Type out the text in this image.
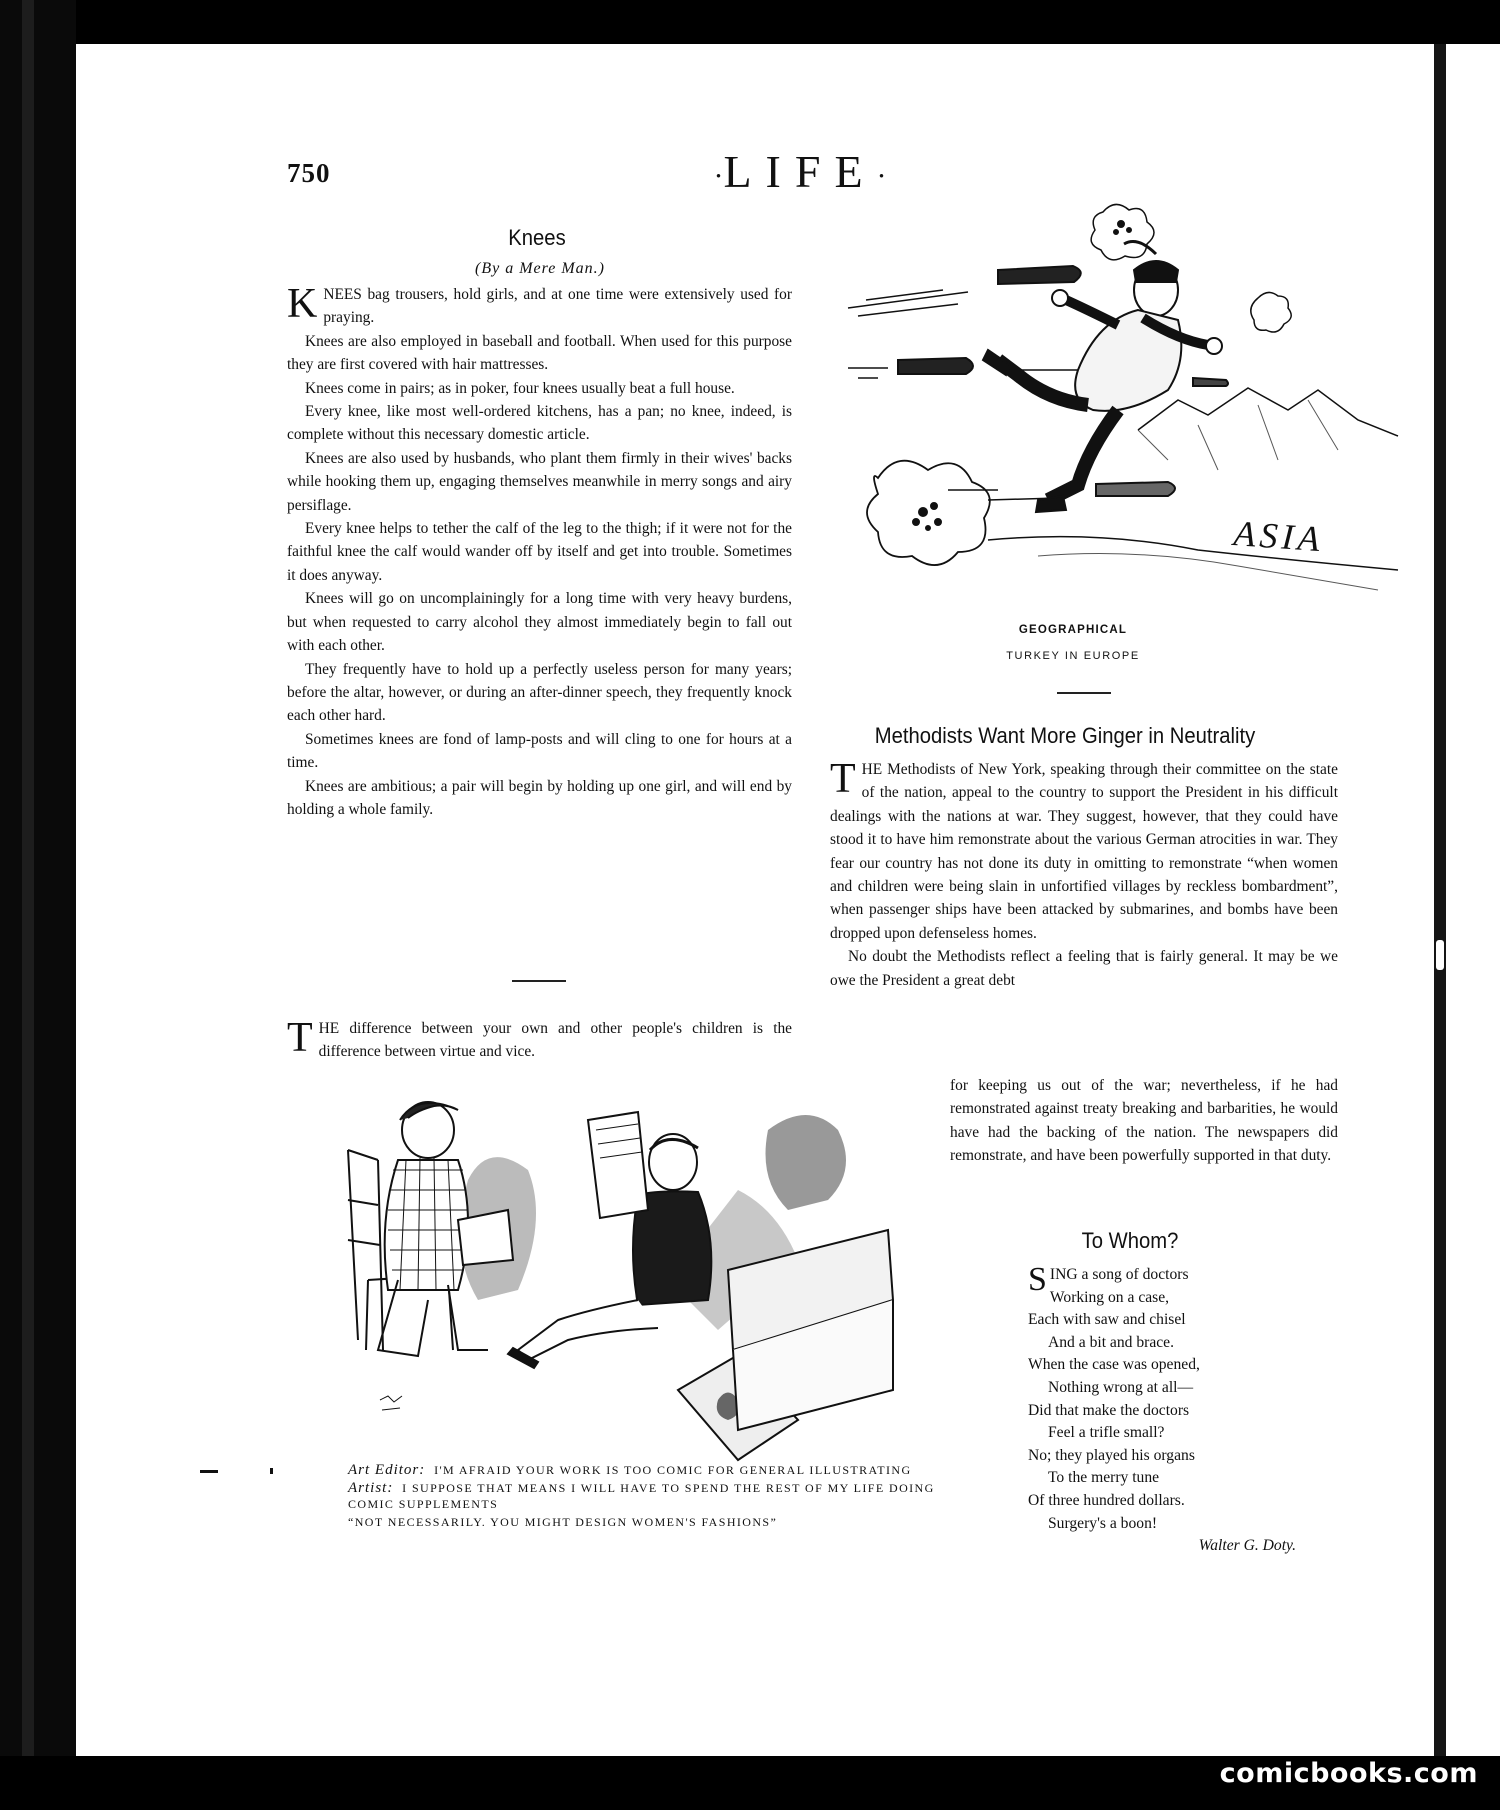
750	·LIFE·
Knees
(By a Mere Man.)

KNEES bag trousers, hold girls, and at one time were extensively used for praying.

Knees are also employed in baseball and football. When used for this purpose they are first covered with hair mattresses.

Knees come in pairs; as in poker, four knees usually beat a full house.

Every knee, like most well-ordered kitchens, has a pan; no knee, indeed, is complete without this necessary domestic article.

Knees are also used by husbands, who plant them firmly in their wives' backs while hooking them up, engaging themselves meanwhile in merry songs and airy persiflage.

Every knee helps to tether the calf of the leg to the thigh; if it were not for the faithful knee the calf would wander off by itself and get into trouble. Sometimes it does anyway.

Knees will go on uncomplainingly for a long time with very heavy burdens, but when requested to carry alcohol they almost immediately begin to fall out with each other.

They frequently have to hold up a perfectly useless person for many years; before the altar, however, or during an after-dinner speech, they frequently knock each other hard.

Sometimes knees are fond of lamp-posts and will cling to one for hours at a time.

Knees are ambitious; a pair will begin by holding up one girl, and will end by holding a whole family.

THE difference between your own and other people's children is the difference between virtue and vice.

ASIA
GEOGRAPHICAL
TURKEY IN EUROPE
Methodists Want More Ginger in Neutrality

THE Methodists of New York, speaking through their committee on the state of the nation, appeal to the country to support the President in his difficult dealings with the nations at war. They suggest, however, that they could have stood it to have him remonstrate about the various German atrocities in war. They fear our country has not done its duty in omitting to remonstrate “when women and children were being slain in unfortified villages by reckless bombardment”, when passenger ships have been attacked by submarines, and bombs have been dropped upon defenseless homes.

No doubt the Methodists reflect a feeling that is fairly general. It may be we owe the President a great debt

for keeping us out of the war; nevertheless, if he had remonstrated against treaty breaking and barbarities, he would have had the backing of the nation. The newspapers did remonstrate, and have been powerfully supported in that duty.

Art Editor: I'M AFRAID YOUR WORK IS TOO COMIC FOR GENERAL ILLUSTRATING
Artist: I SUPPOSE THAT MEANS I WILL HAVE TO SPEND THE REST OF MY LIFE DOING COMIC SUPPLEMENTS
“NOT NECESSARILY. YOU MIGHT DESIGN WOMEN'S FASHIONS”
To Whom?
SING a song of doctors
Working on a case,
Each with saw and chisel
And a bit and brace.
When the case was opened,
Nothing wrong at all—
Did that make the doctors
Feel a trifle small?
No; they played his organs
To the merry tune
Of three hundred dollars.
Surgery's a boon!
Walter G. Doty.
comicbooks.com
